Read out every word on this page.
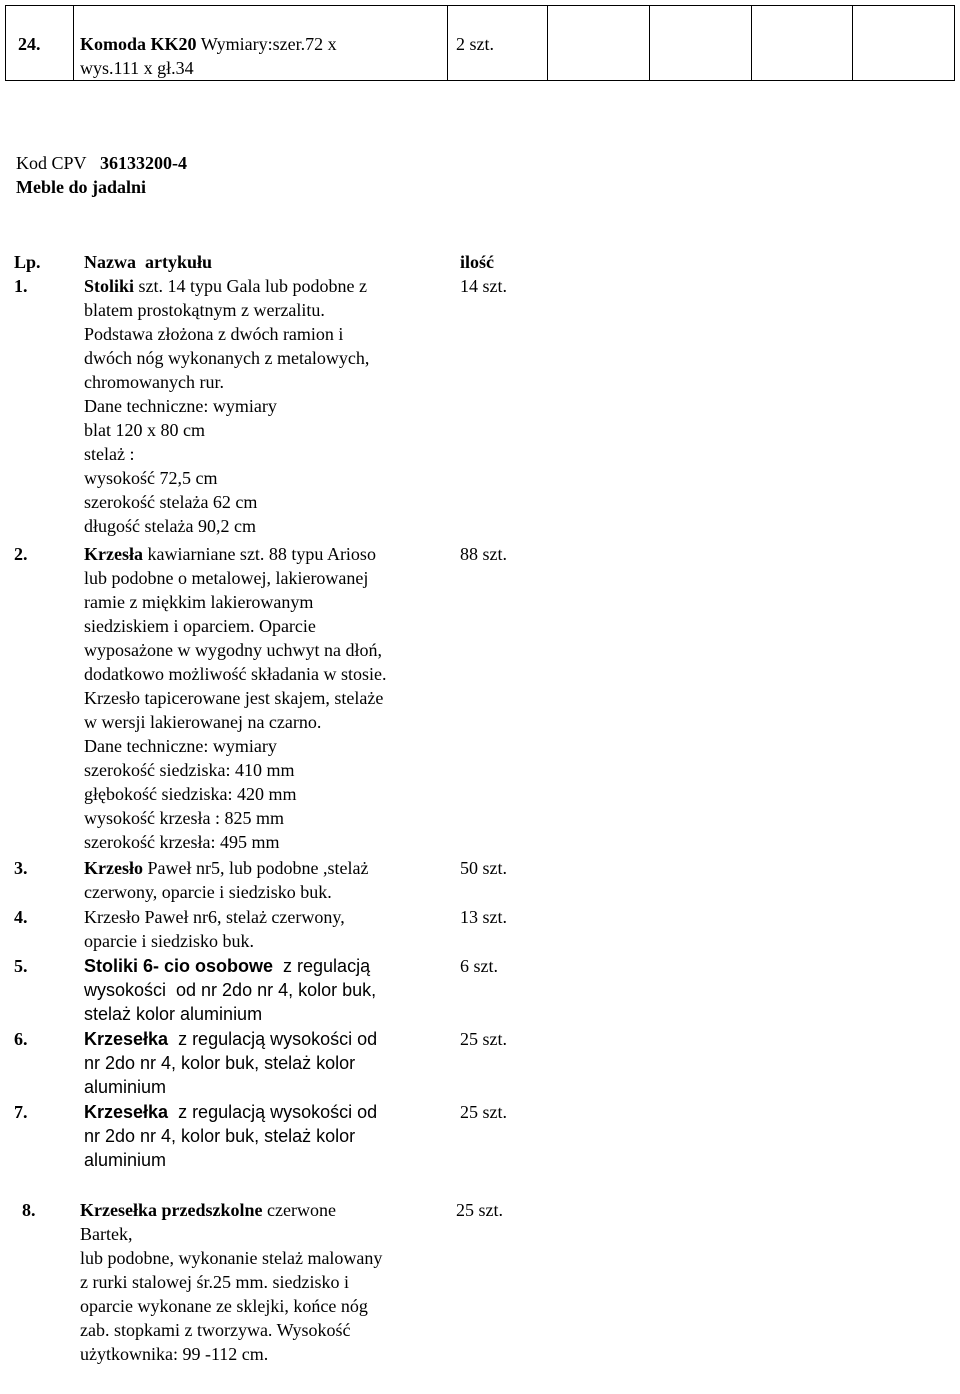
24.	Komoda KK20 Wymiary:szer.72 x
wys.111 x gł.34

2 szt.

Kod CPV 36133200-4
Meble do jadalni
Lp. Nazwa  artykułu	ilość
1.	Stoliki szt. 14 typu Gala lub podobne z
blatem prostokątnym z werzalitu.
Podstawa złożona z dwóch ramion i
dwóch nóg wykonanych z metalowych,
chromowanych rur.
Dane techniczne: wymiary
blat 120 x 80 cm
stelaż :
wysokość 72,5 cm
szerokość stelaża 62 cm
długość stelaża 90,2 cm
14 szt.
2.	Krzesła kawiarniane szt. 88 typu Arioso
lub podobne o metalowej, lakierowanej
ramie z miękkim lakierowanym
siedziskiem i oparciem. Oparcie
wyposażone w wygodny uchwyt na dłoń,
dodatkowo możliwość składania w stosie.
Krzesło tapicerowane jest skajem, stelaże
w wersji lakierowanej na czarno.
Dane techniczne: wymiary
szerokość siedziska: 410 mm
głębokość siedziska: 420 mm
wysokość krzesła : 825 mm
szerokość krzesła: 495 mm
88 szt.
3.	Krzesło Paweł nr5, lub podobne ,stelaż
czerwony, oparcie i siedzisko buk.
50 szt.
4.	Krzesło Paweł nr6, stelaż czerwony,
oparcie i siedzisko buk.
13 szt.
5.	Stoliki 6- cio osobowe  z regulacją
wysokości  od nr 2do nr 4, kolor buk,
stelaż kolor aluminium
6 szt.
6.	Krzesełka  z regulacją wysokości od
nr 2do nr 4, kolor buk, stelaż kolor
aluminium
25 szt.
7.	Krzesełka  z regulacją wysokości od
nr 2do nr 4, kolor buk, stelaż kolor
aluminium
25 szt.
8. Krzesełka przedszkolne czerwone
Bartek,
lub podobne, wykonanie stelaż malowany
z rurki stalowej śr.25 mm. siedzisko i
oparcie wykonane ze sklejki, końce nóg
zab. stopkami z tworzywa. Wysokość
użytkownika: 99 -112 cm.
25 szt.
